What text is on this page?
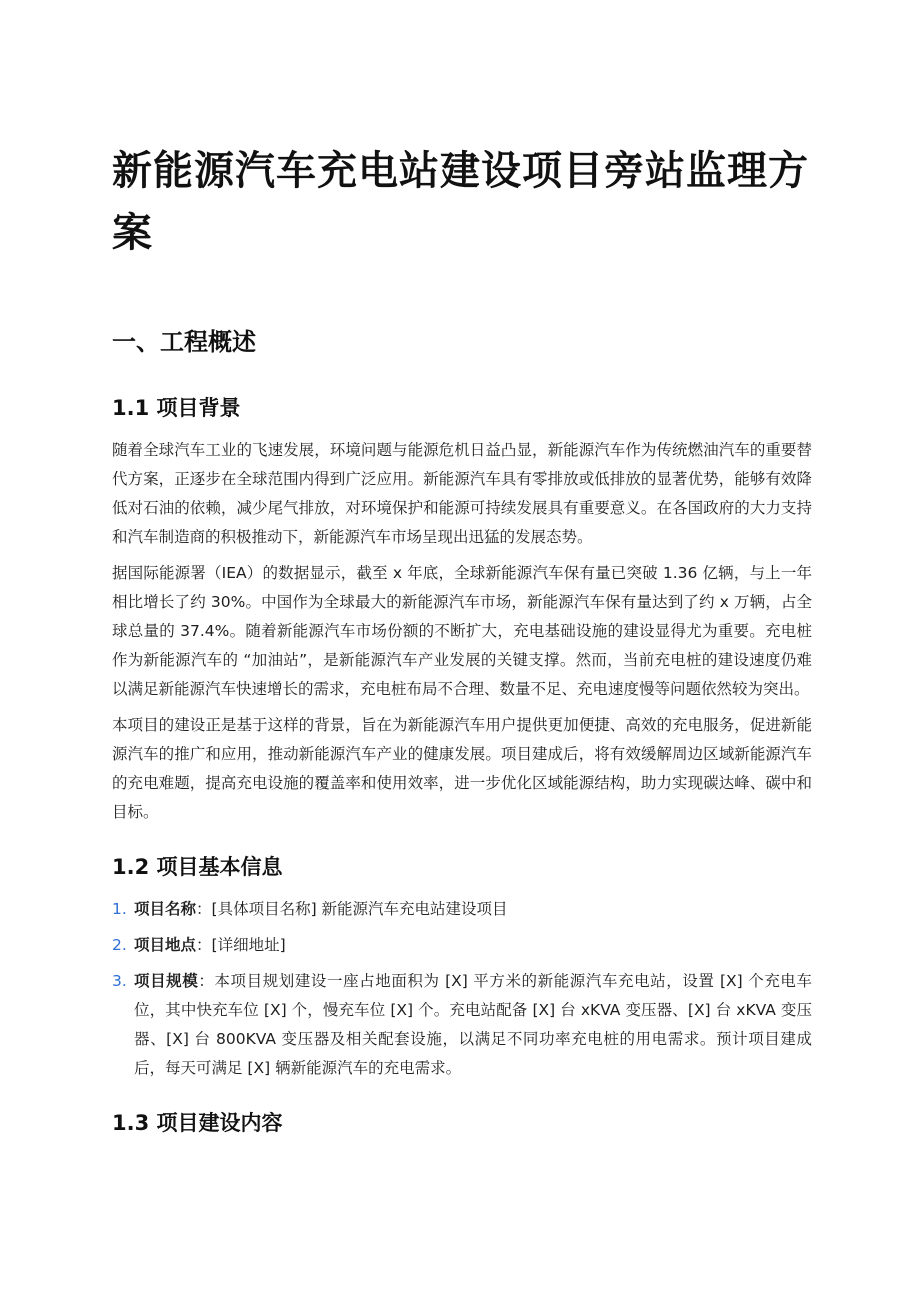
新能源汽车充电站建设项目旁站监理方案
一、工程概述
1.1 项目背景

随着全球汽车工业的飞速发展，环境问题与能源危机日益凸显，新能源汽车作为传统燃油汽车的重要替代方案，正逐步在全球范围内得到广泛应用。新能源汽车具有零排放或低排放的显著优势，能够有效降低对石油的依赖，减少尾气排放，对环境保护和能源可持续发展具有重要意义。在各国政府的大力支持和汽车制造商的积极推动下，新能源汽车市场呈现出迅猛的发展态势。

据国际能源署（IEA）的数据显示，截至 x 年底，全球新能源汽车保有量已突破 1.36 亿辆，与上一年相比增长了约 30%。中国作为全球最大的新能源汽车市场，新能源汽车保有量达到了约 x 万辆，占全球总量的 37.4%。随着新能源汽车市场份额的不断扩大，充电基础设施的建设显得尤为重要。充电桩作为新能源汽车的 “加油站”，是新能源汽车产业发展的关键支撑。然而，当前充电桩的建设速度仍难以满足新能源汽车快速增长的需求，充电桩布局不合理、数量不足、充电速度慢等问题依然较为突出。

本项目的建设正是基于这样的背景，旨在为新能源汽车用户提供更加便捷、高效的充电服务，促进新能源汽车的推广和应用，推动新能源汽车产业的健康发展。项目建成后，将有效缓解周边区域新能源汽车的充电难题，提高充电设施的覆盖率和使用效率，进一步优化区域能源结构，助力实现碳达峰、碳中和目标。

1.2 项目基本信息
1. 项目名称：[具体项目名称] 新能源汽车充电站建设项目
2. 项目地点：[详细地址]
3. 项目规模：本项目规划建设一座占地面积为 [X] 平方米的新能源汽车充电站，设置 [X] 个充电车位，其中快充车位 [X] 个，慢充车位 [X] 个。充电站配备 [X] 台 xKVA 变压器、[X] 台 xKVA 变压器、[X] 台 800KVA 变压器及相关配套设施，以满足不同功率充电桩的用电需求。预计项目建成后，每天可满足 [X] 辆新能源汽车的充电需求。
1.3 项目建设内容
